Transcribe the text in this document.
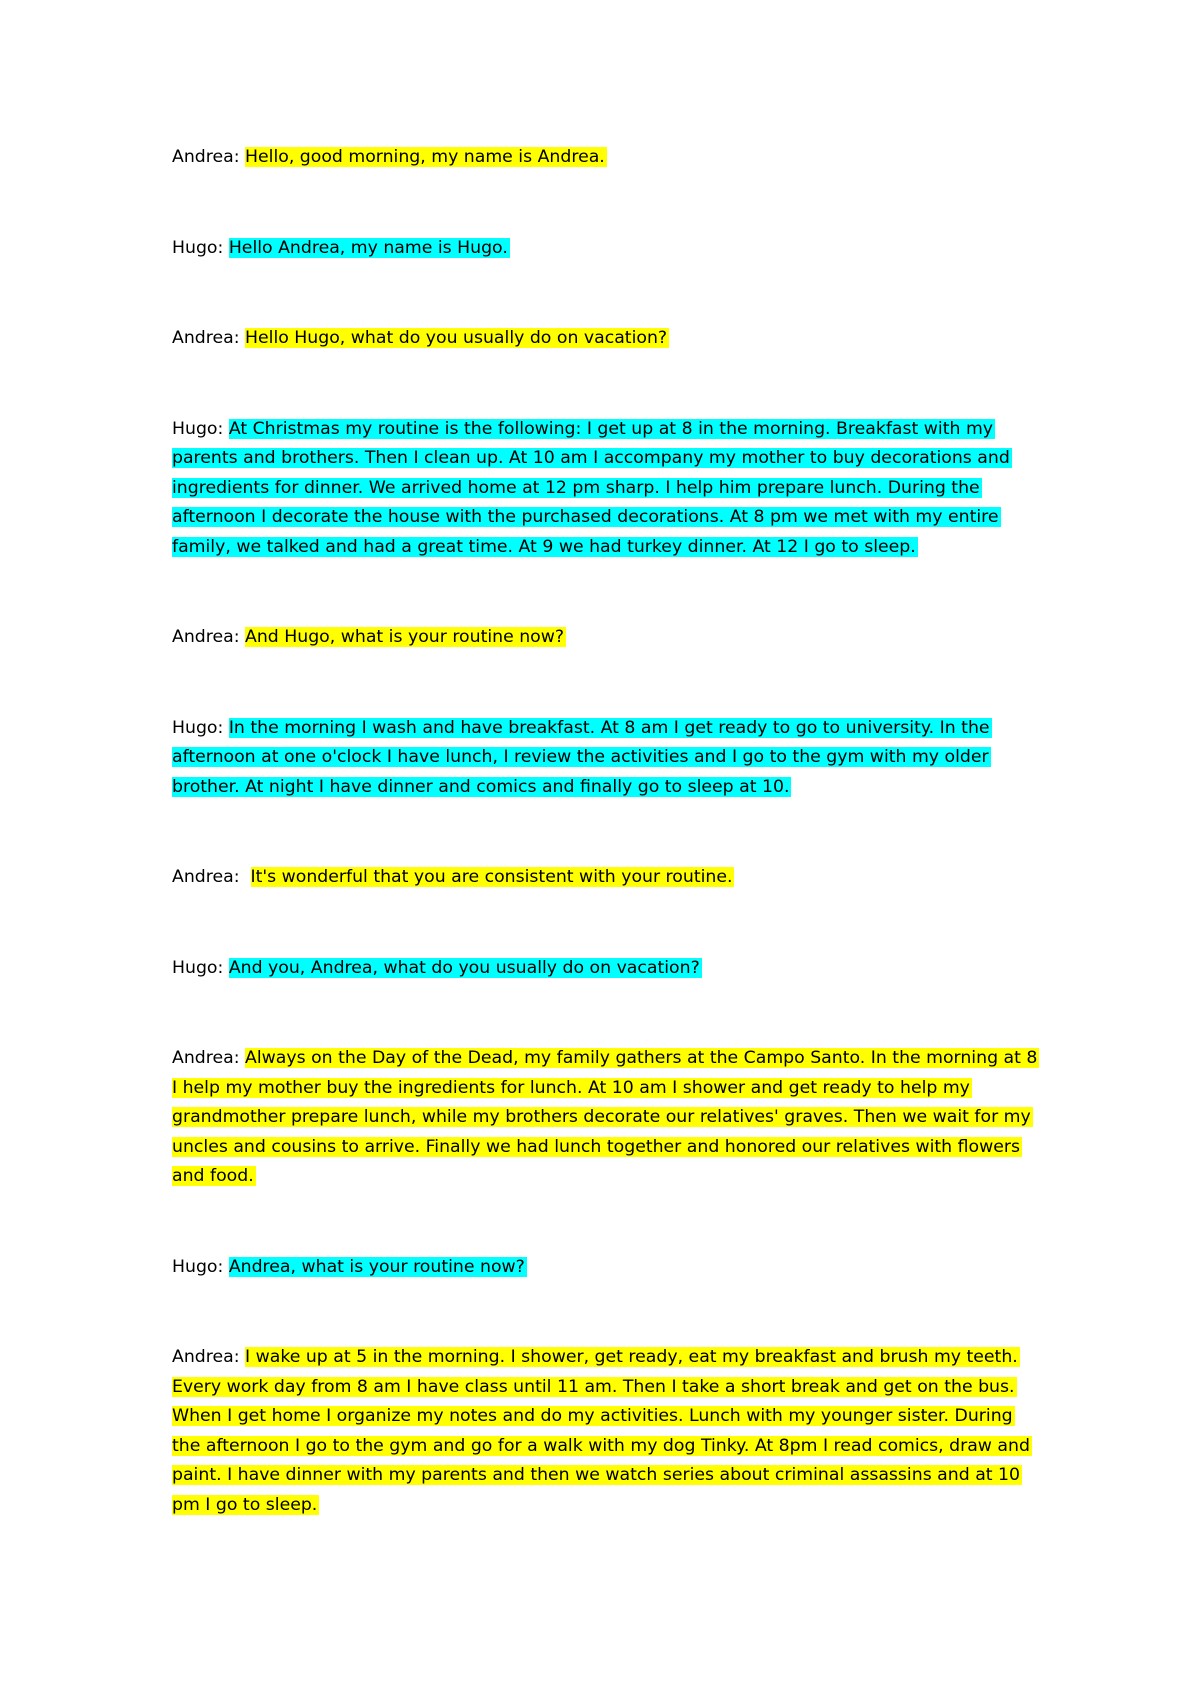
Andrea: Hello, good morning, my name is Andrea.

Hugo: Hello Andrea, my name is Hugo.

Andrea: Hello Hugo, what do you usually do on vacation?

Hugo: At Christmas my routine is the following: I get up at 8 in the morning. Breakfast with my parents and brothers. Then I clean up. At 10 am I accompany my mother to buy decorations and ingredients for dinner. We arrived home at 12 pm sharp. I help him prepare lunch. During the afternoon I decorate the house with the purchased decorations. At 8 pm we met with my entire family, we talked and had a great time. At 9 we had turkey dinner. At 12 I go to sleep.

Andrea: And Hugo, what is your routine now?

Hugo: In the morning I wash and have breakfast. At 8 am I get ready to go to university. In the afternoon at one o'clock I have lunch, I review the activities and I go to the gym with my older brother. At night I have dinner and comics and finally go to sleep at 10.

Andrea:  It's wonderful that you are consistent with your routine.

Hugo: And you, Andrea, what do you usually do on vacation?

Andrea: Always on the Day of the Dead, my family gathers at the Campo Santo. In the morning at 8 I help my mother buy the ingredients for lunch. At 10 am I shower and get ready to help my grandmother prepare lunch, while my brothers decorate our relatives' graves. Then we wait for my uncles and cousins to arrive. Finally we had lunch together and honored our relatives with flowers and food.

Hugo: Andrea, what is your routine now?

Andrea: I wake up at 5 in the morning. I shower, get ready, eat my breakfast and brush my teeth. Every work day from 8 am I have class until 11 am. Then I take a short break and get on the bus. When I get home I organize my notes and do my activities. Lunch with my younger sister. During the afternoon I go to the gym and go for a walk with my dog Tinky. At 8pm I read comics, draw and paint. I have dinner with my parents and then we watch series about criminal assassins and at 10 pm I go to sleep.
